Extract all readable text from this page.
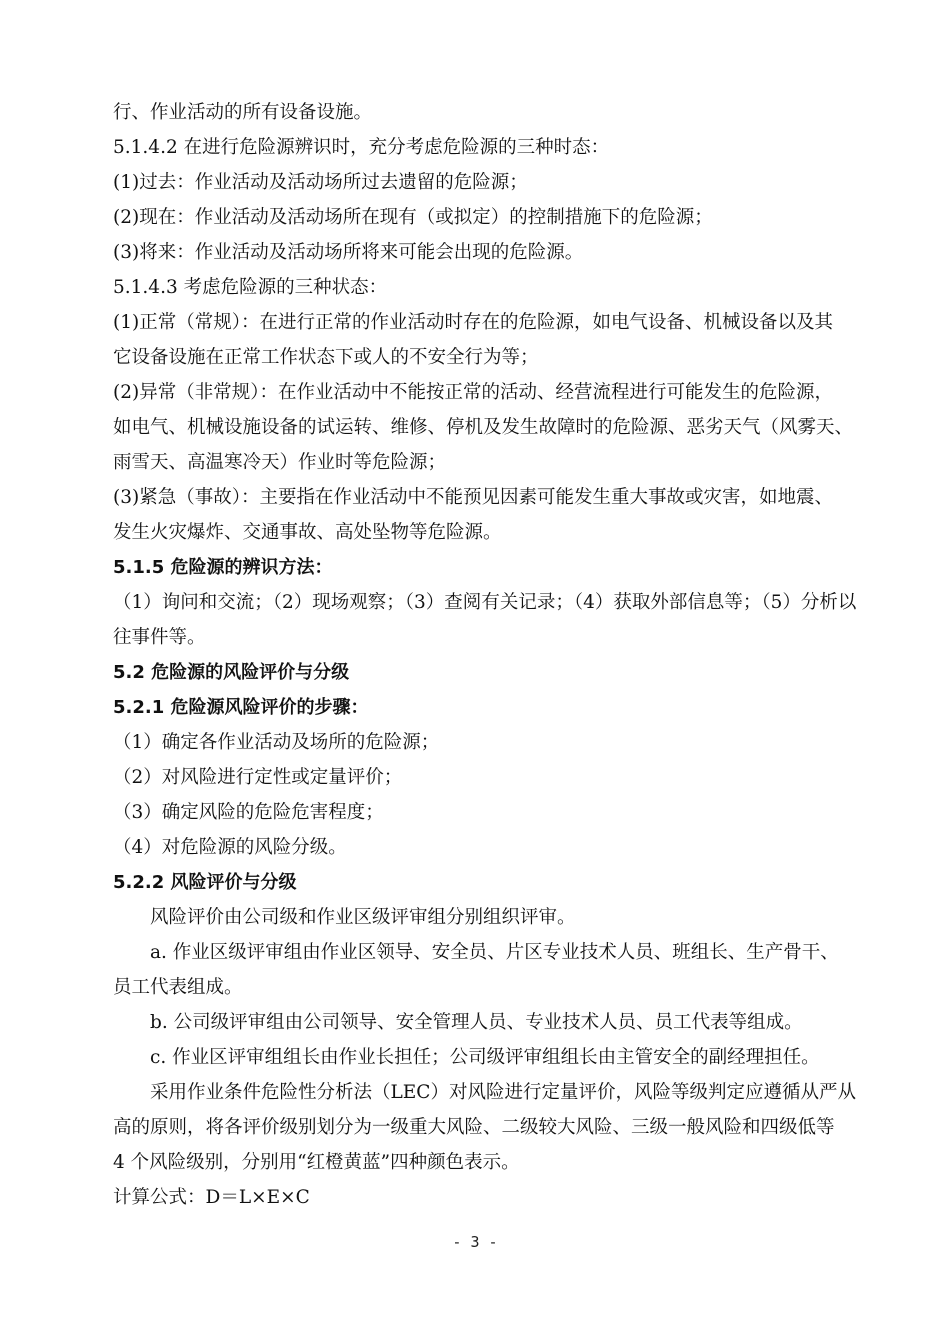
行、作业活动的所有设备设施。
5.1.4.2 在进行危险源辨识时，充分考虑危险源的三种时态：
(1)过去：作业活动及活动场所过去遗留的危险源；
(2)现在：作业活动及活动场所在现有（或拟定）的控制措施下的危险源；
(3)将来：作业活动及活动场所将来可能会出现的危险源。
5.1.4.3 考虑危险源的三种状态：
(1)正常（常规）：在进行正常的作业活动时存在的危险源，如电气设备、机械设备以及其
它设备设施在正常工作状态下或人的不安全行为等；
(2)异常（非常规）：在作业活动中不能按正常的活动、经营流程进行可能发生的危险源，
如电气、机械设施设备的试运转、维修、停机及发生故障时的危险源、恶劣天气（风雾天、
雨雪天、高温寒冷天）作业时等危险源；
(3)紧急（事故）：主要指在作业活动中不能预见因素可能发生重大事故或灾害，如地震、
发生火灾爆炸、交通事故、高处坠物等危险源。
5.1.5 危险源的辨识方法：
（1）询问和交流；（2）现场观察；（3）查阅有关记录；（4）获取外部信息等；（5）分析以
往事件等。
5.2 危险源的风险评价与分级
5.2.1 危险源风险评价的步骤：
（1）确定各作业活动及场所的危险源；
（2）对风险进行定性或定量评价；
（3）确定风险的危险危害程度；
（4）对危险源的风险分级。
5.2.2 风险评价与分级
风险评价由公司级和作业区级评审组分别组织评审。
a. 作业区级评审组由作业区领导、安全员、片区专业技术人员、班组长、生产骨干、
员工代表组成。
b. 公司级评审组由公司领导、安全管理人员、专业技术人员、员工代表等组成。
c. 作业区评审组组长由作业长担任；公司级评审组组长由主管安全的副经理担任。
采用作业条件危险性分析法（LEC）对风险进行定量评价，风险等级判定应遵循从严从
高的原则，将各评价级别划分为一级重大风险、二级较大风险、三级一般风险和四级低等
4 个风险级别，分别用“红橙黄蓝”四种颜色表示。
计算公式：D＝L×E×C
- 3 -
